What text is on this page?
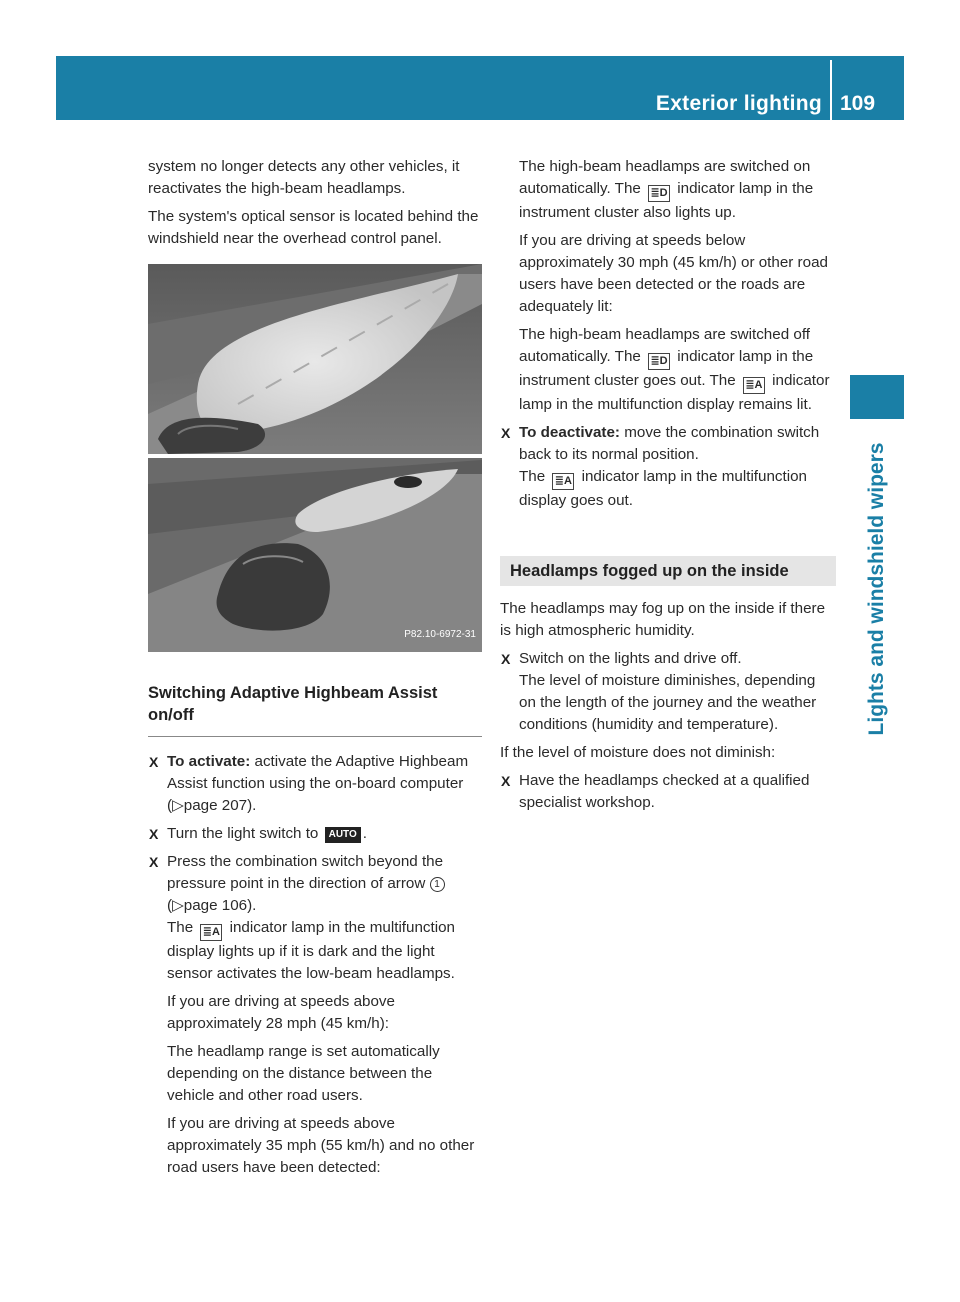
Exterior lighting 109
Lights and windshield wipers
system no longer detects any other vehicles, it reactivates the high-beam headlamps.
The system's optical sensor is located behind the windshield near the overhead control panel.
P82.10-6972-31
Switching Adaptive Highbeam Assist on/off
X To activate: activate the Adaptive Highbeam Assist function using the on-board computer (▷page 207).
X Turn the light switch to AUTO .
X Press the combination switch beyond the pressure point in the direction of arrow 1 (▷page 106).
The ≣A indicator lamp in the multifunction display lights up if it is dark and the light sensor activates the low-beam headlamps.
If you are driving at speeds above approximately 28 mph (45 km/h):
The headlamp range is set automatically depending on the distance between the vehicle and other road users.
If you are driving at speeds above approximately 35 mph (55 km/h) and no other road users have been detected:
The high-beam headlamps are switched on automatically. The ≣D indicator lamp in the instrument cluster also lights up.
If you are driving at speeds below approximately 30 mph (45 km/h) or other road users have been detected or the roads are adequately lit:
The high-beam headlamps are switched off automatically. The ≣D indicator lamp in the instrument cluster goes out. The ≣A indicator lamp in the multifunction display remains lit.
X To deactivate: move the combination switch back to its normal position.
The ≣A indicator lamp in the multifunction display goes out.
Headlamps fogged up on the inside
The headlamps may fog up on the inside if there is high atmospheric humidity.
X Switch on the lights and drive off.
The level of moisture diminishes, depending on the length of the journey and the weather conditions (humidity and temperature).
If the level of moisture does not diminish:
X Have the headlamps checked at a qualified specialist workshop.
